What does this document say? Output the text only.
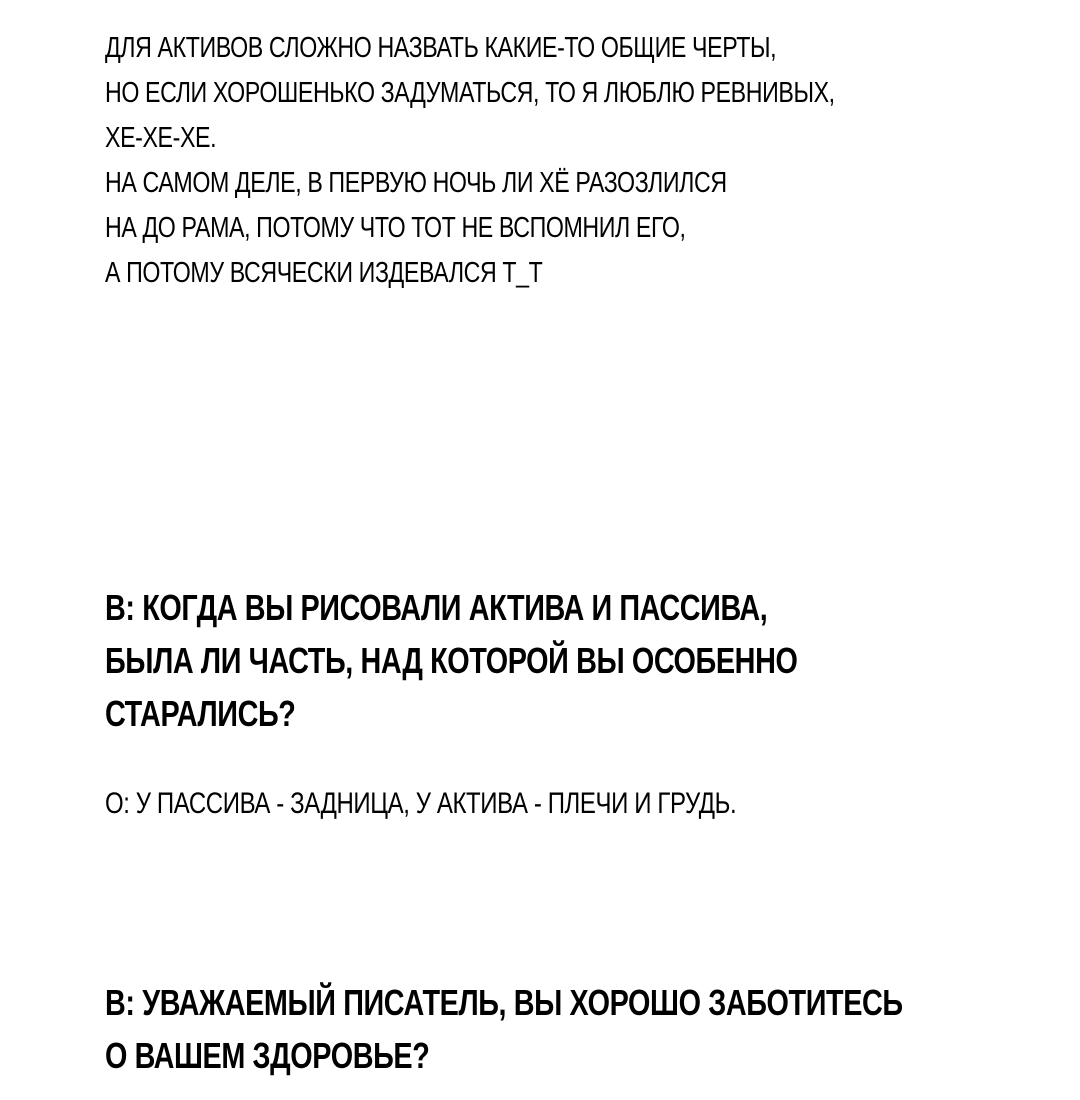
ДЛЯ АКТИВОВ СЛОЖНО НАЗВАТЬ КАКИЕ-ТО ОБЩИЕ ЧЕРТЫ,
НО ЕСЛИ ХОРОШЕНЬКО ЗАДУМАТЬСЯ, ТО Я ЛЮБЛЮ РЕВНИВЫХ,
ХЕ-ХЕ-ХЕ.
НА САМОМ ДЕЛЕ, В ПЕРВУЮ НОЧЬ ЛИ ХЁ РАЗОЗЛИЛСЯ
НА ДО РАМА, ПОТОМУ ЧТО ТОТ НЕ ВСПОМНИЛ ЕГО,
А ПОТОМУ ВСЯЧЕСКИ ИЗДЕВАЛСЯ Т_Т

В: КОГДА ВЫ РИСОВАЛИ АКТИВА И ПАССИВА,
БЫЛА ЛИ ЧАСТЬ, НАД КОТОРОЙ ВЫ ОСОБЕННО
СТАРАЛИСЬ?

О: У ПАССИВА - ЗАДНИЦА, У АКТИВА - ПЛЕЧИ И ГРУДЬ.

В: УВАЖАЕМЫЙ ПИСАТЕЛЬ, ВЫ ХОРОШО ЗАБОТИТЕСЬ
О ВАШЕМ ЗДОРОВЬЕ?
